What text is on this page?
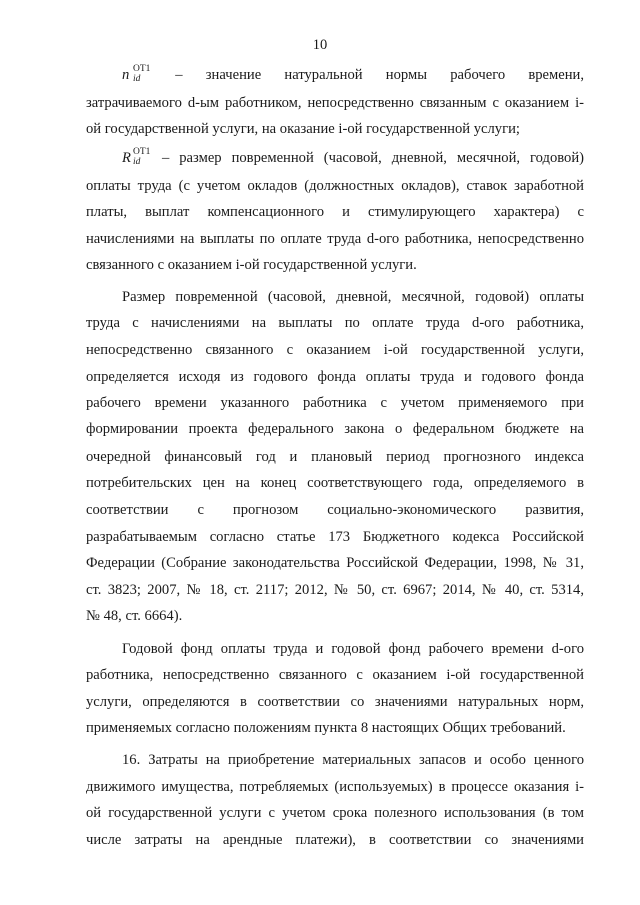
10
n ОТ1
id – значение натуральной нормы рабочего времени,
затрачиваемого d-ым работником, непосредственно связанным с оказанием i-
ой государственной услуги, на оказание i-ой государственной услуги;
R ОТ1
id – размер повременной (часовой, дневной, месячной, годовой)
оплаты труда (с учетом окладов (должностных окладов), ставок заработной
платы, выплат компенсационного и стимулирующего характера) с
начислениями на выплаты по оплате труда d-ого работника, непосредственно
связанного с оказанием i-ой государственной услуги.
Размер повременной (часовой, дневной, месячной, годовой) оплаты
труда с начислениями на выплаты по оплате труда d-ого работника,
непосредственно связанного с оказанием i-ой государственной услуги,
определяется исходя из годового фонда оплаты труда и годового фонда
рабочего времени указанного работника с учетом применяемого при
формировании проекта федерального закона о федеральном бюджете на
очередной финансовый год и плановый период прогнозного индекса
потребительских цен на конец соответствующего года, определяемого в
соответствии с прогнозом социально-экономического развития,
разрабатываемым согласно статье 173 Бюджетного кодекса Российской
Федерации (Собрание законодательства Российской Федерации, 1998, № 31,
ст. 3823; 2007, № 18, ст. 2117; 2012, № 50, ст. 6967; 2014, № 40, ст. 5314,
№ 48, ст. 6664).
Годовой фонд оплаты труда и годовой фонд рабочего времени d-ого
работника, непосредственно связанного с оказанием i-ой государственной
услуги, определяются в соответствии со значениями натуральных норм,
применяемых согласно положениям пункта 8 настоящих Общих требований.
16. Затраты на приобретение материальных запасов и особо ценного
движимого имущества, потребляемых (используемых) в процессе оказания i-
ой государственной услуги с учетом срока полезного использования (в том
числе затраты на арендные платежи), в соответствии со значениями
